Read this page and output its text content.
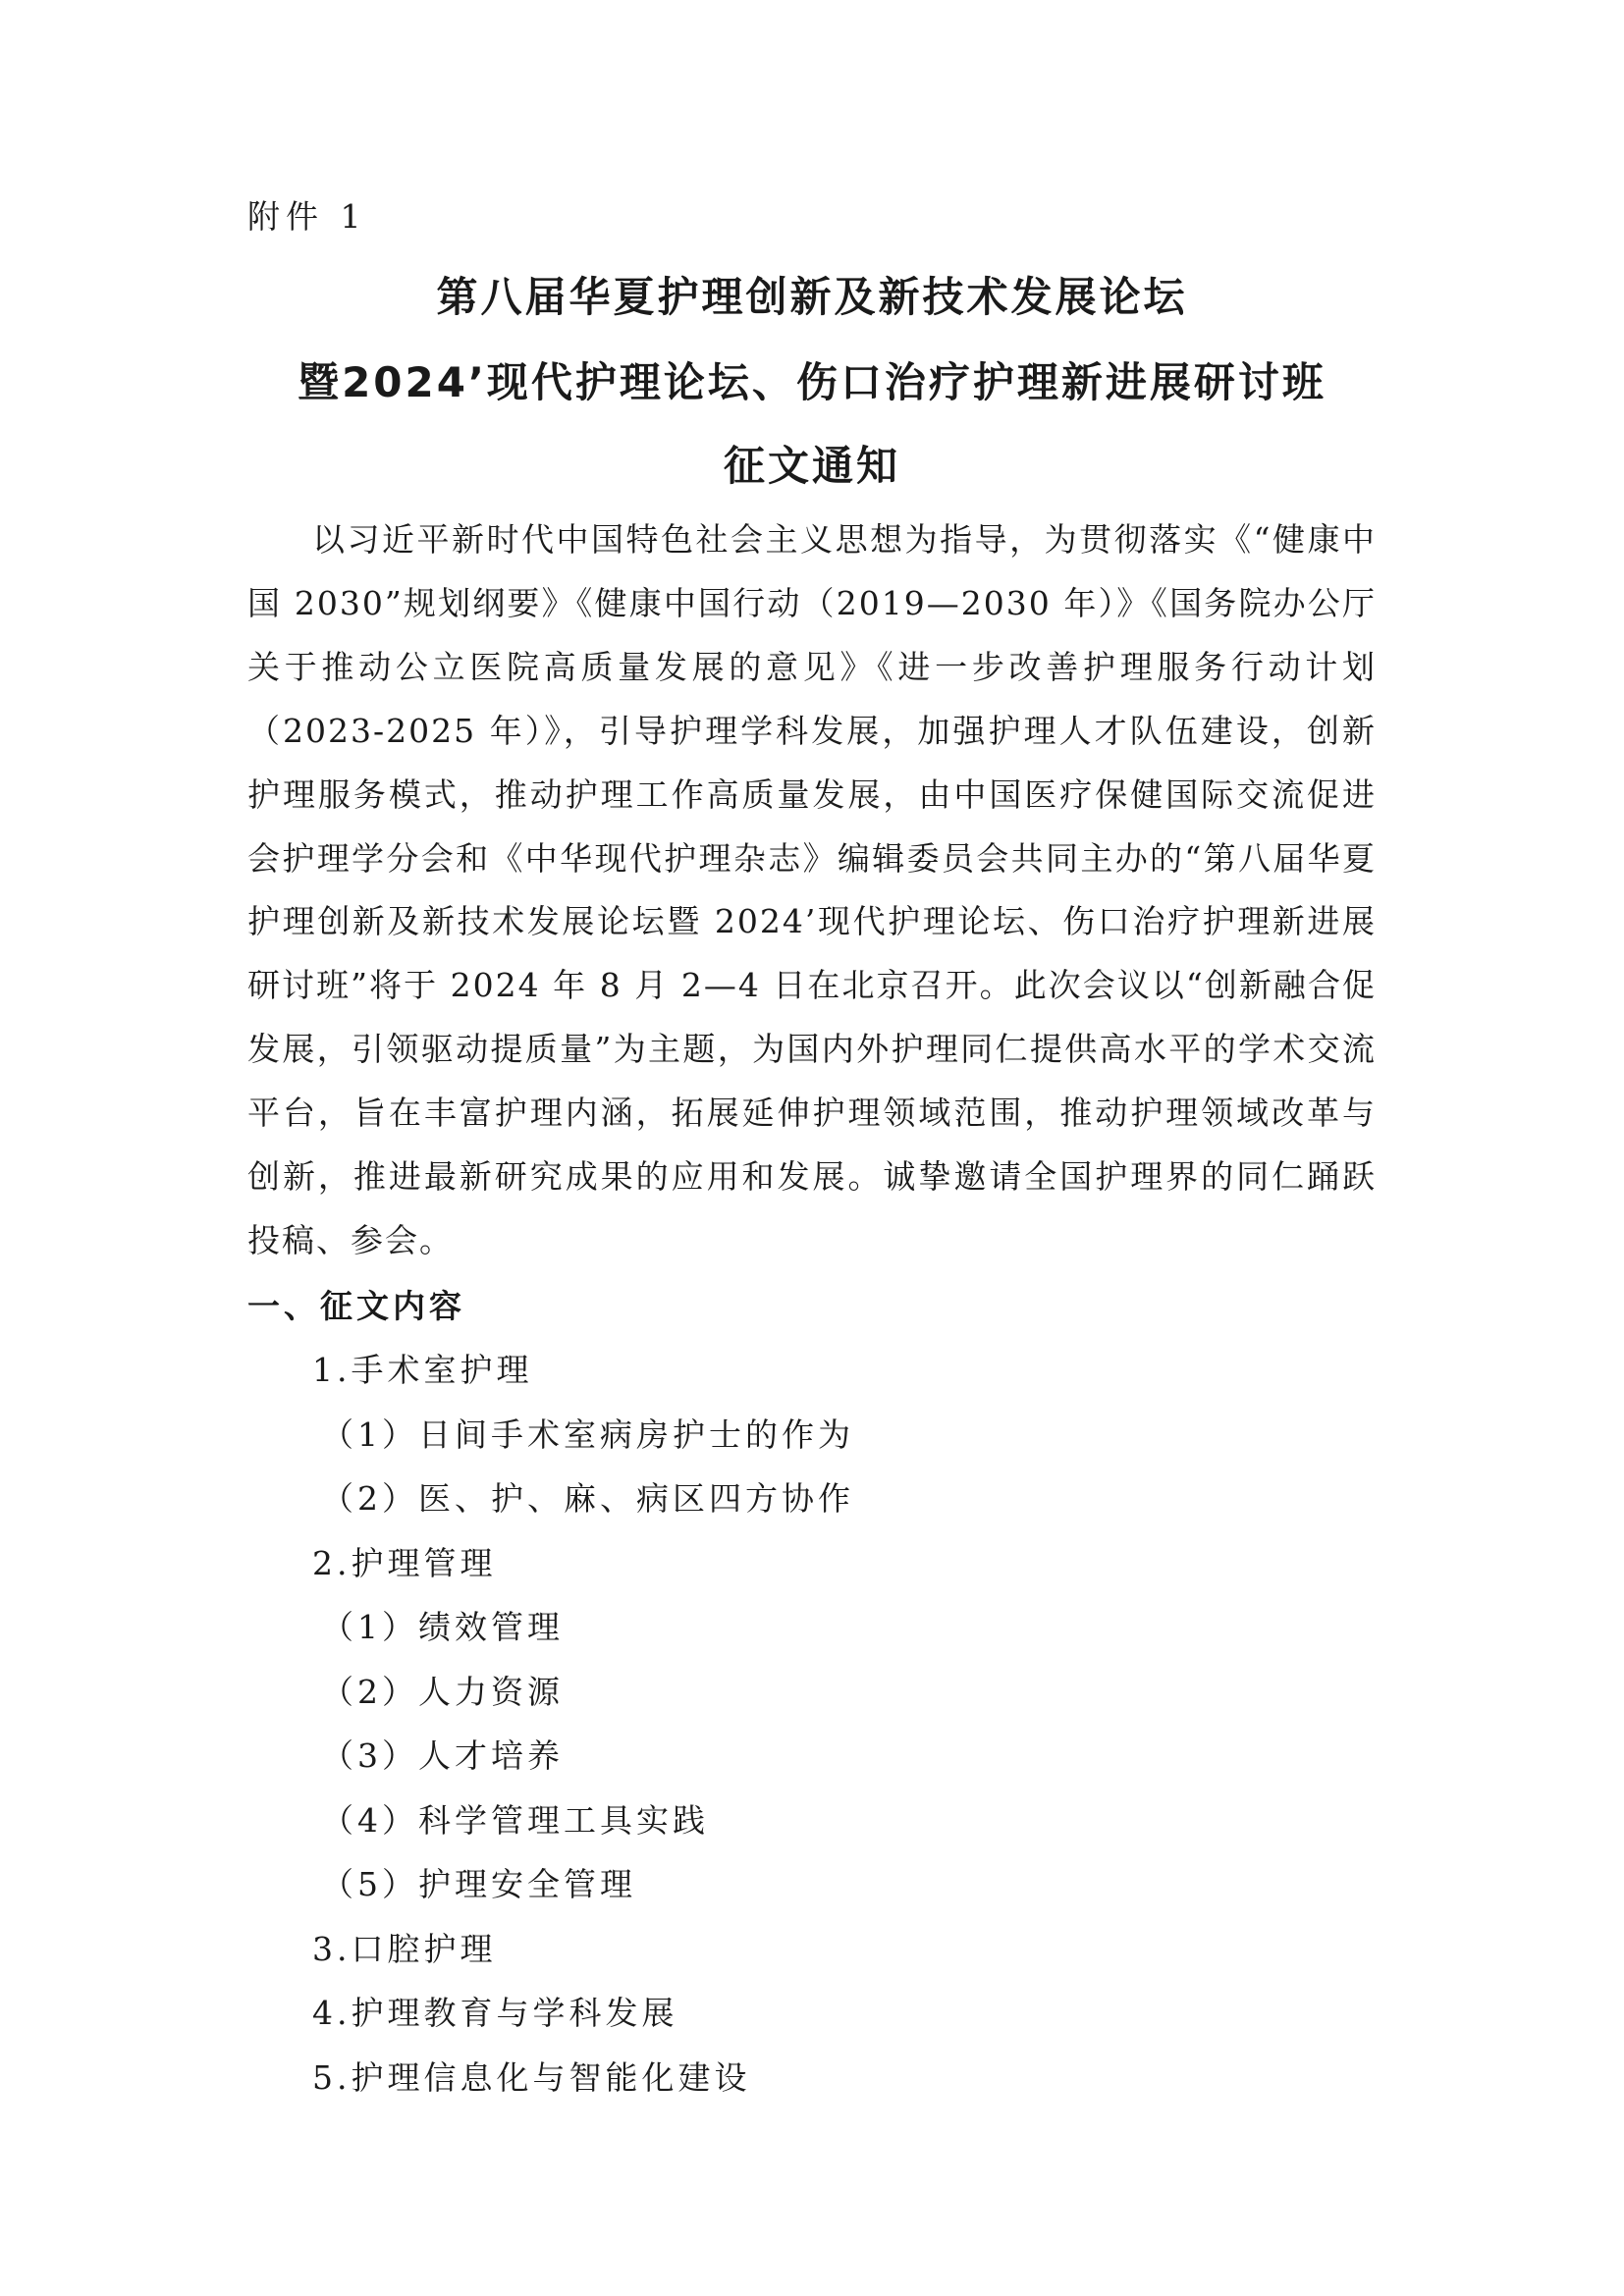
附件 1
第八届华夏护理创新及新技术发展论坛
暨2024’现代护理论坛、伤口治疗护理新进展研讨班
征文通知
以习近平新时代中国特色社会主义思想为指导，为贯彻落实《“健康中国 2030”规划纲要》《健康中国行动（2019—2030 年）》《国务院办公厅关于推动公立医院高质量发展的意见》《进一步改善护理服务行动计划（2023-2025 年）》，引导护理学科发展，加强护理人才队伍建设，创新护理服务模式，推动护理工作高质量发展，由中国医疗保健国际交流促进会护理学分会和《中华现代护理杂志》编辑委员会共同主办的“第八届华夏护理创新及新技术发展论坛暨 2024’现代护理论坛、伤口治疗护理新进展研讨班”将于 2024 年 8 月 2—4 日在北京召开。此次会议以“创新融合促发展，引领驱动提质量”为主题，为国内外护理同仁提供高水平的学术交流平台，旨在丰富护理内涵，拓展延伸护理领域范围，推动护理领域改革与创新，推进最新研究成果的应用和发展。诚挚邀请全国护理界的同仁踊跃投稿、参会。
一、征文内容
1.手术室护理
（1）日间手术室病房护士的作为
（2）医、护、麻、病区四方协作
2.护理管理
（1）绩效管理
（2）人力资源
（3）人才培养
（4）科学管理工具实践
（5）护理安全管理
3.口腔护理
4.护理教育与学科发展
5.护理信息化与智能化建设
